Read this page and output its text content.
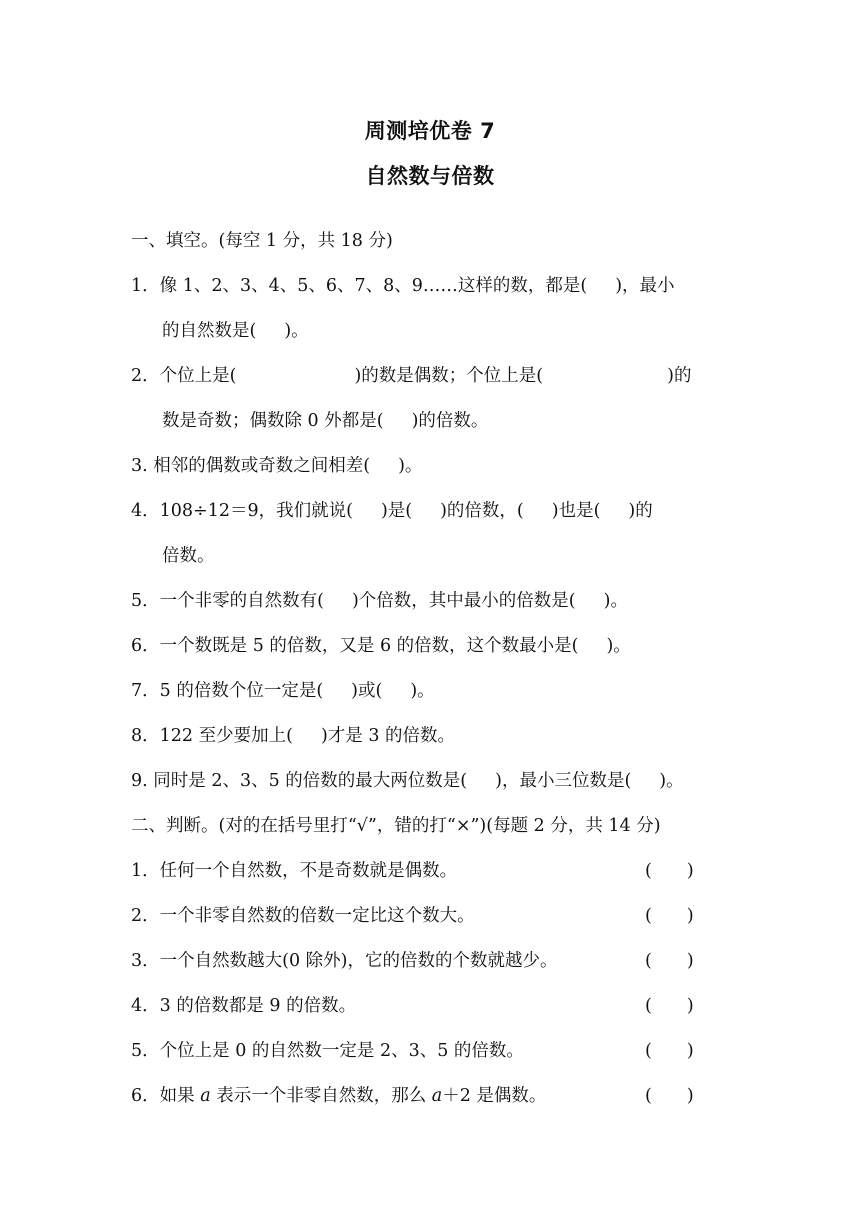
周测培优卷 7
自然数与倍数
一、填空。(每空 1 分，共 18 分)
1．像 1、2、3、4、5、6、7、8、9……这样的数，都是( )，最小
的自然数是( )。
2．个位上是(	)的数是偶数；个位上是(	)的
数是奇数；偶数除 0 外都是( )的倍数。
3. 相邻的偶数或奇数之间相差( )。
4．108÷12＝9，我们就说( )是( )的倍数，( )也是( )的
倍数。
5．一个非零的自然数有( )个倍数，其中最小的倍数是( )。
6．一个数既是 5 的倍数，又是 6 的倍数，这个数最小是( )。
7．5 的倍数个位一定是( )或( )。
8．122 至少要加上( )才是 3 的倍数。
9. 同时是 2、3、5 的倍数的最大两位数是( )，最小三位数是( )。
二、判断。(对的在括号里打“√”，错的打“×”)(每题 2 分，共 14 分)
1．任何一个自然数，不是奇数就是偶数。	(　　)
2．一个非零自然数的倍数一定比这个数大。	(　　)
3．一个自然数越大(0 除外)，它的倍数的个数就越少。	(　　)
4．3 的倍数都是 9 的倍数。	(　　)
5．个位上是 0 的自然数一定是 2、3、5 的倍数。	(　　)
6．如果 a 表示一个非零自然数，那么 a＋2 是偶数。	(　　)
